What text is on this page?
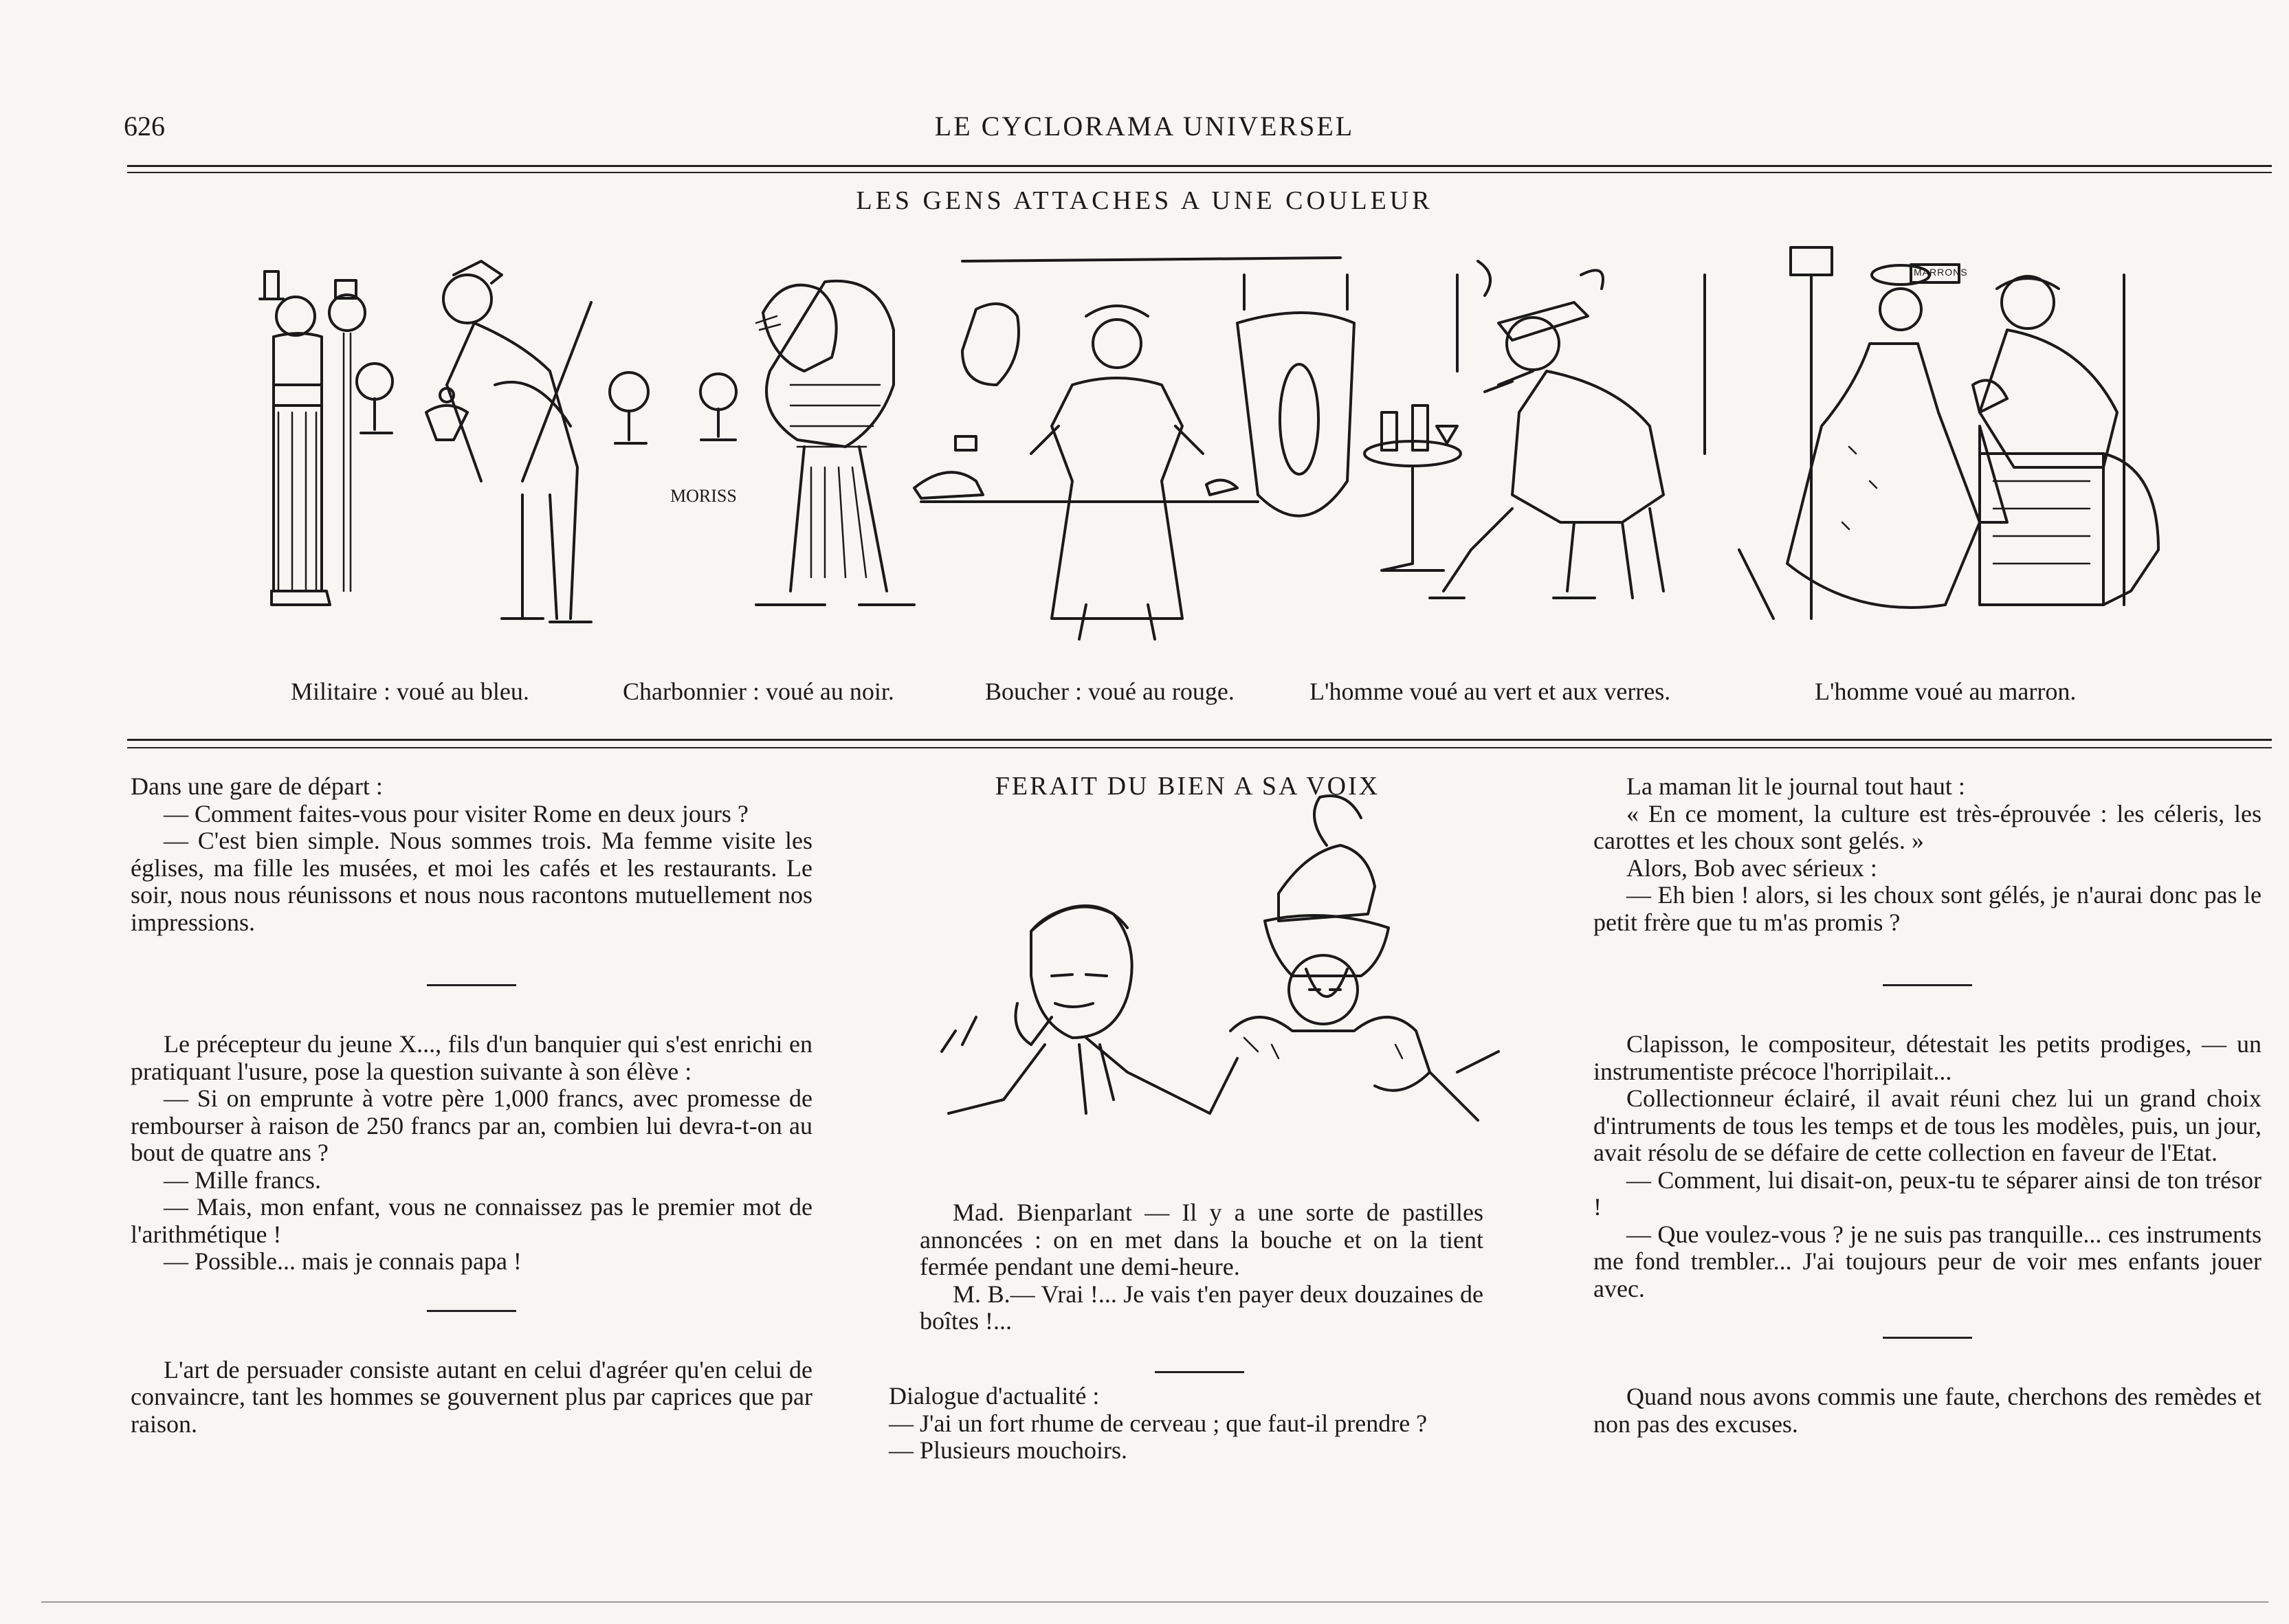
626	LE CYCLORAMA UNIVERSEL
LES GENS ATTACHES A UNE COULEUR
MORISS
MARRONS
Militaire : voué au bleu.	Charbonnier : voué au noir.	Boucher : voué au rouge.	L'homme voué au vert et aux verres.	L'homme voué au marron.

Dans une gare de départ :

— Comment faites-vous pour visiter Rome en deux jours ?

— C'est bien simple. Nous sommes trois. Ma femme visite les églises, ma fille les musées, et moi les cafés et les restaurants. Le soir, nous nous réunissons et nous nous racontons mutuellement nos impressions.

Le précepteur du jeune X..., fils d'un banquier qui s'est enrichi en pratiquant l'usure, pose la question suivante à son élève :

— Si on emprunte à votre père 1,000 francs, avec promesse de rembourser à raison de 250 francs par an, combien lui devra-t-on au bout de quatre ans ?

— Mille francs.

— Mais, mon enfant, vous ne connaissez pas le premier mot de l'arithmétique !

— Possible... mais je connais papa !

L'art de persuader consiste autant en celui d'agréer qu'en celui de convaincre, tant les hommes se gouvernent plus par caprices que par raison.

FERAIT DU BIEN A SA VOIX

Mad. Bienparlant — Il y a une sorte de pastilles annoncées : on en met dans la bouche et on la tient fermée pendant une demi-heure.

M. B.— Vrai !... Je vais t'en payer deux douzaines de boîtes !...

Dialogue d'actualité :

— J'ai un fort rhume de cerveau ; que faut-il prendre ?

— Plusieurs mouchoirs.

La maman lit le journal tout haut :

« En ce moment, la culture est très-éprouvée : les céleris, les carottes et les choux sont gelés. »

Alors, Bob avec sérieux :

— Eh bien ! alors, si les choux sont gélés, je n'aurai donc pas le petit frère que tu m'as promis ?

Clapisson, le compositeur, détestait les petits prodiges, — un instrumentiste précoce l'horripilait...

Collectionneur éclairé, il avait réuni chez lui un grand choix d'intruments de tous les temps et de tous les modèles, puis, un jour, avait résolu de se défaire de cette collection en faveur de l'Etat.

— Comment, lui disait-on, peux-tu te séparer ainsi de ton trésor !

— Que voulez-vous ? je ne suis pas tranquille... ces instruments me fond trembler... J'ai toujours peur de voir mes enfants jouer avec.

Quand nous avons commis une faute, cherchons des remèdes et non pas des excuses.
